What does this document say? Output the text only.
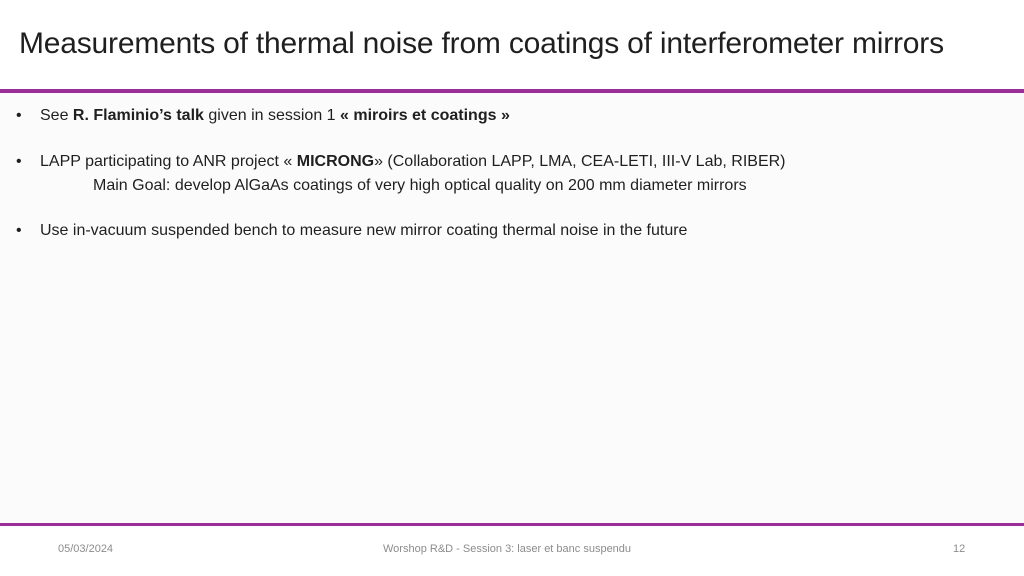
Measurements of thermal noise from coatings of interferometer mirrors
• See R. Flaminio’s talk given in session 1 « miroirs et coatings »
• LAPP participating to ANR project « MICRONG» (Collaboration LAPP, LMA, CEA-LETI, III-V Lab, RIBER)
Main Goal: develop AlGaAs coatings of very high optical quality on 200 mm diameter mirrors
• Use in-vacuum suspended bench to measure new mirror coating thermal noise in the future
05/03/2024	Worshop R&D - Session 3: laser et banc suspendu	12
